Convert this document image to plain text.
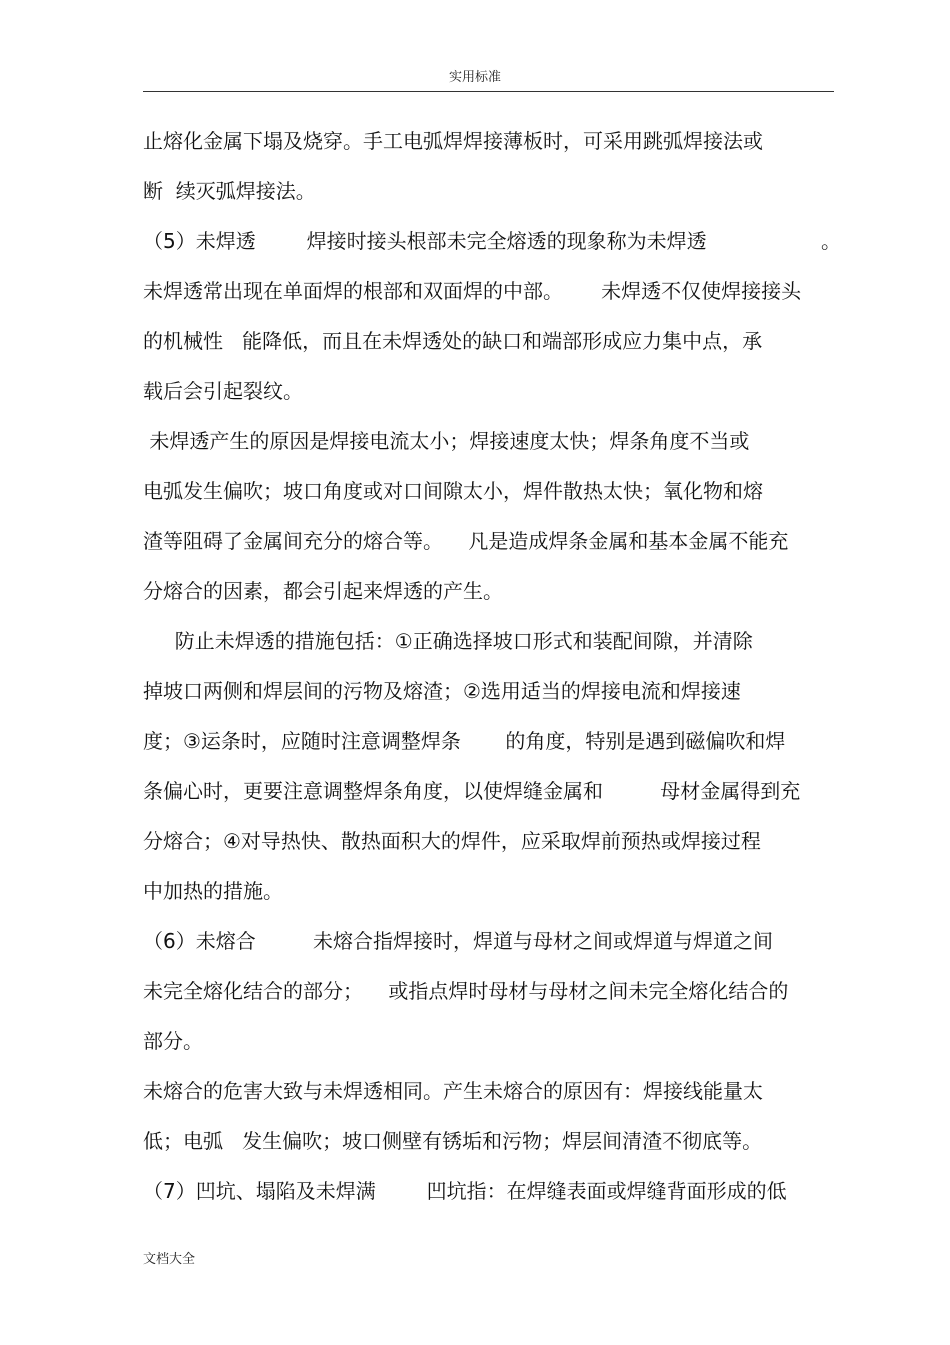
实用标准
止熔化金属下塌及烧穿。手工电弧焊焊接薄板时，可采用跳弧焊接法或
断  续灭弧焊接法。
（5）未焊透        焊接时接头根部未完全熔透的现象称为未焊透                  。
未焊透常出现在单面焊的根部和双面焊的中部。      未焊透不仅使焊接接头
的机械性   能降低，而且在未焊透处的缺口和端部形成应力集中点，承
载后会引起裂纹。
未焊透产生的原因是焊接电流太小；焊接速度太快；焊条角度不当或
电弧发生偏吹；坡口角度或对口间隙太小，焊件散热太快；氧化物和熔
渣等阻碍了金属间充分的熔合等。    凡是造成焊条金属和基本金属不能充
分熔合的因素，都会引起来焊透的产生。
防止未焊透的措施包括：①正确选择坡口形式和装配间隙，并清除
掉坡口两侧和焊层间的污物及熔渣；②选用适当的焊接电流和焊接速
度；③运条时，应随时注意调整焊条       的角度，特别是遇到磁偏吹和焊
条偏心时，更要注意调整焊条角度，以使焊缝金属和         母材金属得到充
分熔合；④对导热快、散热面积大的焊件，应采取焊前预热或焊接过程
中加热的措施。
（6）未熔合         未熔合指焊接时，焊道与母材之间或焊道与焊道之间
未完全熔化结合的部分；    或指点焊时母材与母材之间未完全熔化结合的
部分。
未熔合的危害大致与未焊透相同。产生未熔合的原因有：焊接线能量太
低；电弧   发生偏吹；坡口侧壁有锈垢和污物；焊层间清渣不彻底等。
（7）凹坑、塌陷及未焊满        凹坑指：在焊缝表面或焊缝背面形成的低
文档大全
